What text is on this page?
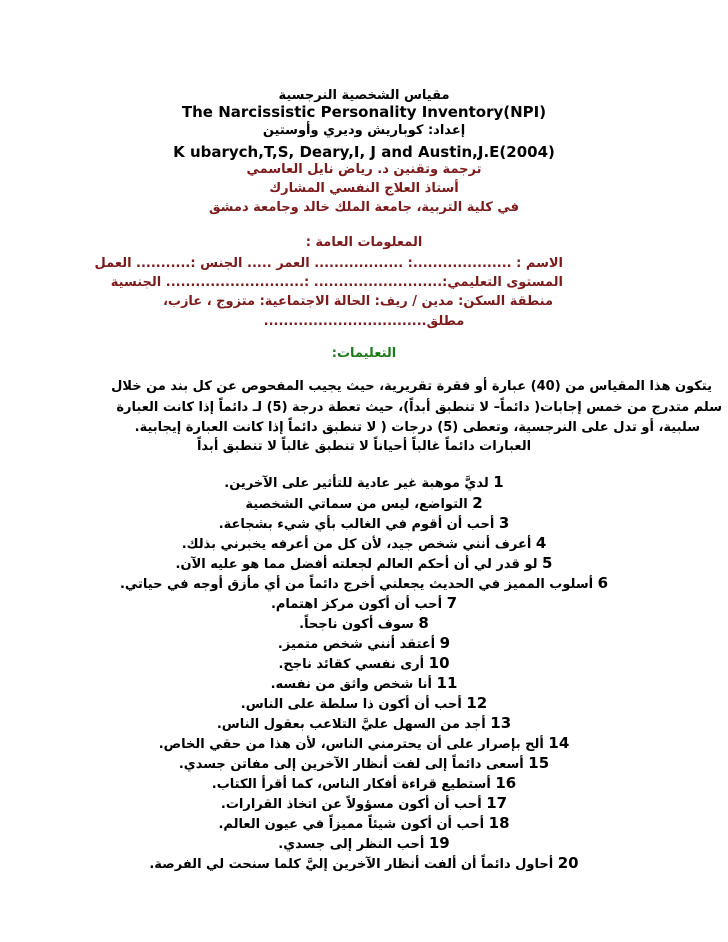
مقياس الشخصية النرجسية
The Narcissistic Personality Inventory(NPI)
إعداد: كوباريش وديري وأوستين
K ubarych,T,S, Deary,I, J and Austin,J.E(2004)
ترجمة وتقنين د. رياض نايل العاسمي
أستاذ العلاج النفسي المشارك
في كلية التربية، جامعة الملك خالد وجامعة دمشق
المعلومات العامة :
الاسم : ....................: .................. العمر ..... الجنس :........... العمل
المستوى التعليمي:.......................... :............................ الجنسية
منطقة السكن: مدين / ريف: الحالة الاجتماعية: متزوج ، عازب،
مطلق.................................
التعليمات:
يتكون هذا المقياس من (40) عبارة أو فقرة تقريرية، حيث يجيب المفحوص عن كل بند من خلال
سلم متدرج من خمس إجابات( دائماً– لا تنطبق أبداً)، حيث تعطة درجة (5) لـ دائماً إذا كانت العبارة
سلبية، أو تدل على النرجسية، وتعطى (5) درجات ( لا تنطبق دائماً إذا كانت العبارة إيجابية.
العبارات دائماً غالباً أحياناً لا تنطبق غالباً لا تنطبق أبداً
1 لديَّ موهبة غير عادية للتأثير على الآخرين.
2 التواضع، ليس من سماتي الشخصية
3 أحب أن أقوم في الغالب بأي شيء بشجاعة.
4 أعرف أنني شخص جيد، لأن كل من أعرفه يخبرني بذلك.
5 لو قدر لي أن أحكم العالم لجعلته أفضل مما هو عليه الآن.
6 أسلوب المميز في الحديث يجعلني أخرج دائماً من أي مأزق أوجه في حياتي.
7 أحب أن أكون مركز اهتمام.
8 سوف أكون ناجحاً.
9 أعتقد أنني شخص متميز.
10 أرى نفسي كقائد ناجح.
11 أنا شخص واثق من نفسه.
12 أحب أن أكون ذا سلطة على الناس.
13 أجد من السهل عليَّ التلاعب بعقول الناس.
14 ألح بإصرار على أن يحترمني الناس، لأن هذا من حقي الخاص.
15 أسعى دائماً إلى لفت أنظار الآخرين إلى مفاتن جسدي.
16 أستطيع قراءة أفكار الناس، كما أقرأ الكتاب.
17 أحب أن أكون مسؤولاً عن اتخاذ القرارات.
18 أحب أن أكون شيئاً مميزاً في عيون العالم.
19 أحب النظر إلى جسدي.
20 أحاول دائماً أن ألفت أنظار الآخرين إليَّ كلما سنحت لي الفرصة.
